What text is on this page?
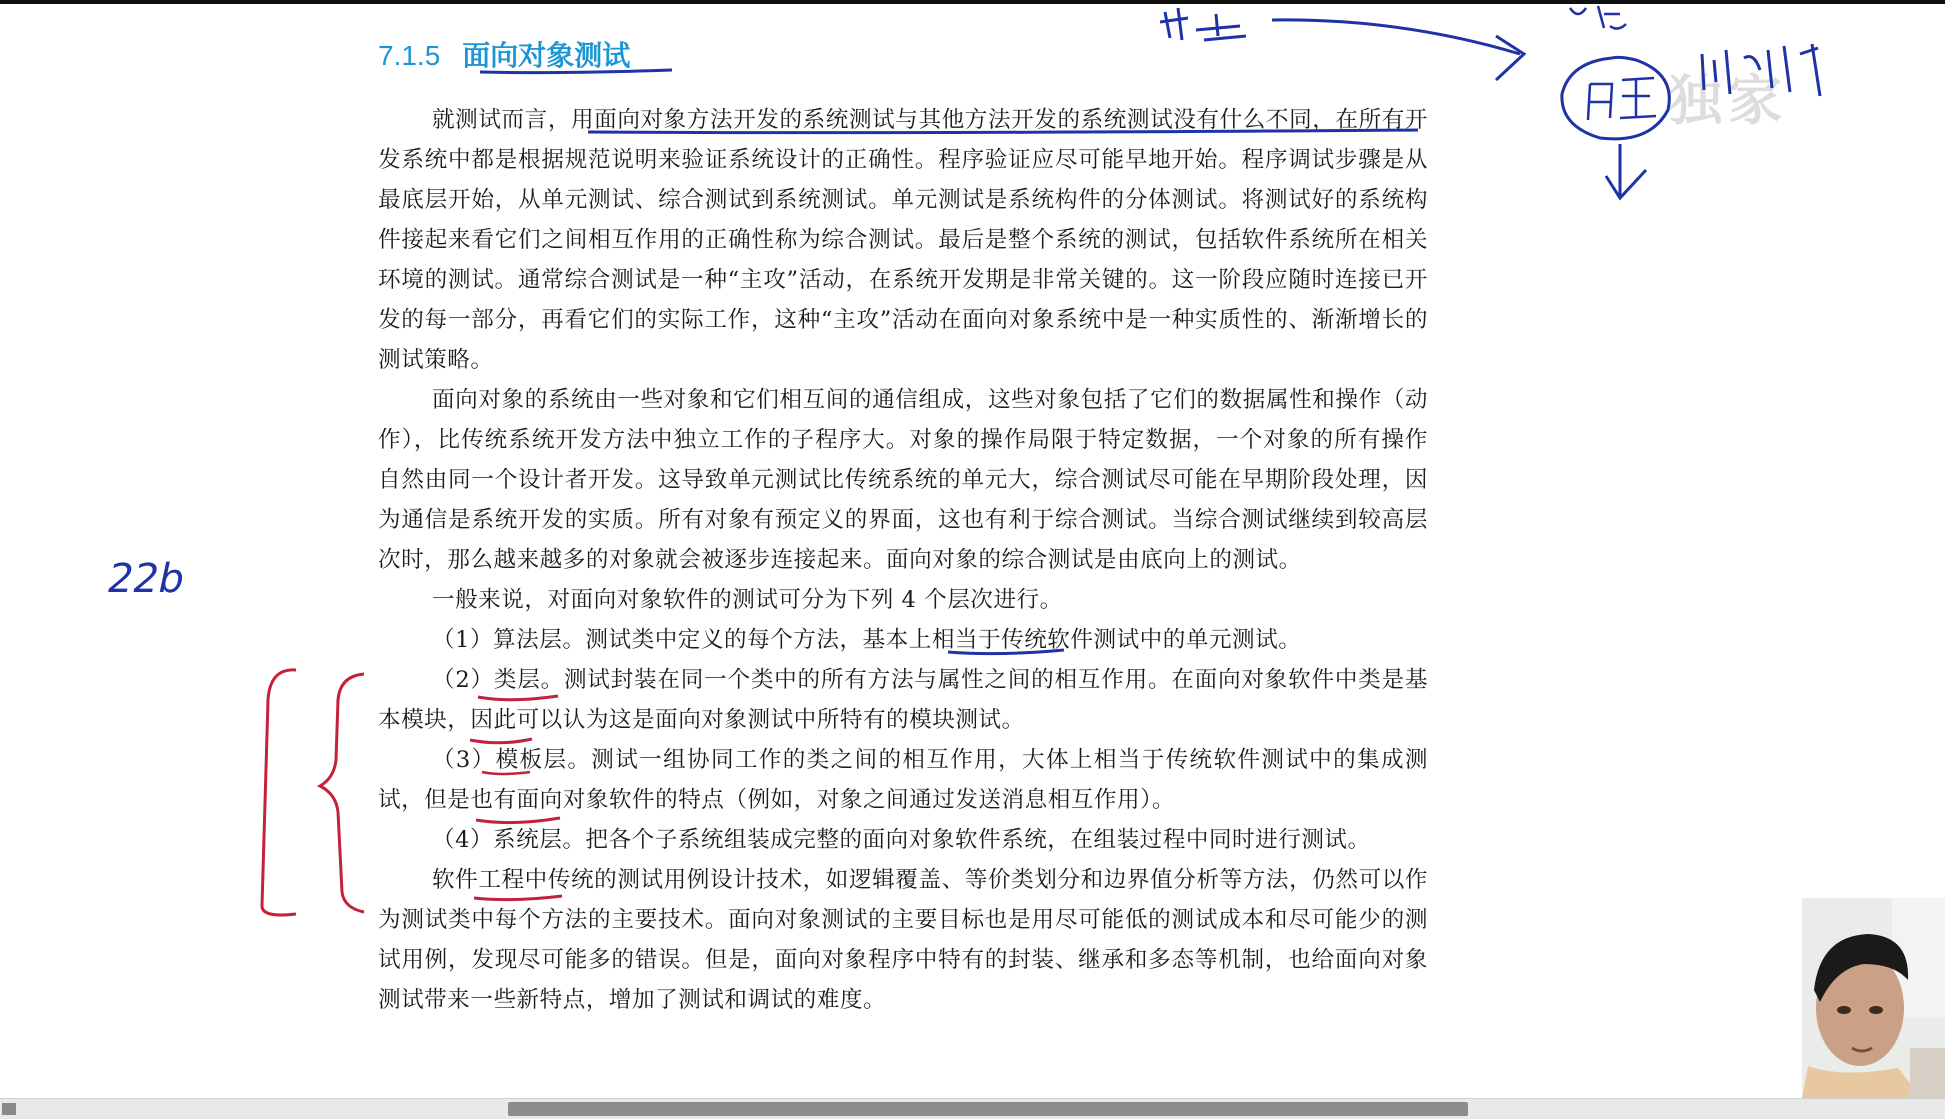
7.1.5 面向对象测试

就测试而言，用面向对象方法开发的系统测试与其他方法开发的系统测试没有什么不同，在所有开发系统中都是根据规范说明来验证系统设计的正确性。程序验证应尽可能早地开始。程序调试步骤是从最底层开始，从单元测试、综合测试到系统测试。单元测试是系统构件的分体测试。将测试好的系统构件接起来看它们之间相互作用的正确性称为综合测试。最后是整个系统的测试，包括软件系统所在相关环境的测试。通常综合测试是一种“主攻”活动，在系统开发期是非常关键的。这一阶段应随时连接已开发的每一部分，再看它们的实际工作，这种“主攻”活动在面向对象系统中是一种实质性的、渐渐增长的测试策略。

面向对象的系统由一些对象和它们相互间的通信组成，这些对象包括了它们的数据属性和操作（动作），比传统系统开发方法中独立工作的子程序大。对象的操作局限于特定数据，一个对象的所有操作自然由同一个设计者开发。这导致单元测试比传统系统的单元大，综合测试尽可能在早期阶段处理，因为通信是系统开发的实质。所有对象有预定义的界面，这也有利于综合测试。当综合测试继续到较高层次时，那么越来越多的对象就会被逐步连接起来。面向对象的综合测试是由底向上的测试。

一般来说，对面向对象软件的测试可分为下列 4 个层次进行。

（1）算法层。测试类中定义的每个方法，基本上相当于传统软件测试中的单元测试。

（2）类层。测试封装在同一个类中的所有方法与属性之间的相互作用。在面向对象软件中类是基本模块，因此可以认为这是面向对象测试中所特有的模块测试。

（3）模板层。测试一组协同工作的类之间的相互作用，大体上相当于传统软件测试中的集成测试，但是也有面向对象软件的特点（例如，对象之间通过发送消息相互作用）。

（4）系统层。把各个子系统组装成完整的面向对象软件系统，在组装过程中同时进行测试。

软件工程中传统的测试用例设计技术，如逻辑覆盖、等价类划分和边界值分析等方法，仍然可以作为测试类中每个方法的主要技术。面向对象测试的主要目标也是用尽可能低的测试成本和尽可能少的测试用例，发现尽可能多的错误。但是，面向对象程序中特有的封装、继承和多态等机制，也给面向对象测试带来一些新特点，增加了测试和调试的难度。

独家
22b
